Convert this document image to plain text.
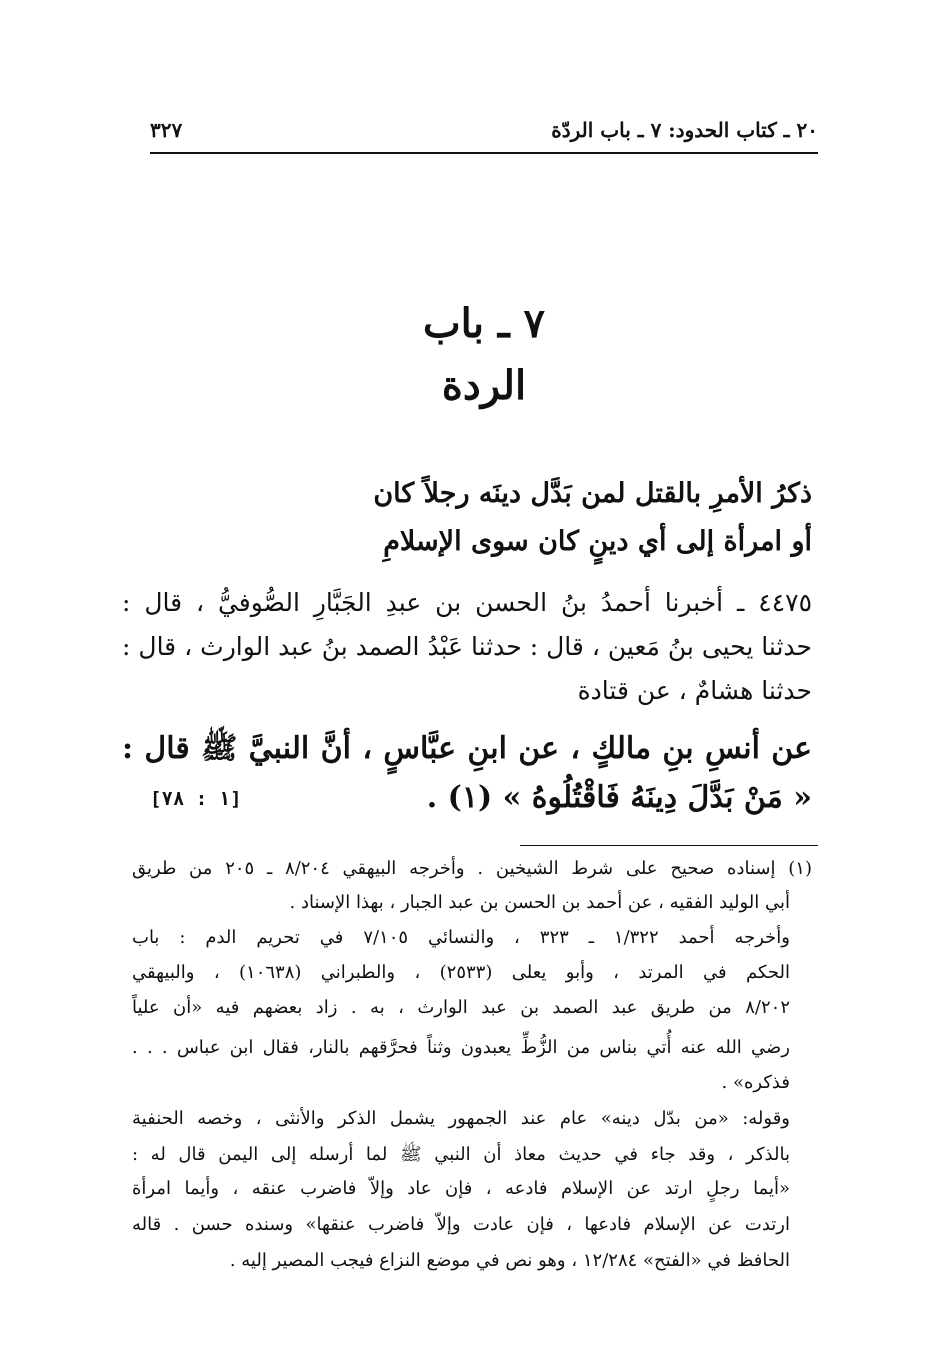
٢٠ ـ كتاب الحدود: ٧ ـ باب الردّة
٣٢٧
٧ ـ باب
الردة
ذكرُ الأمرِ بالقتل لمن بَدَّل دينَه رجلاً كان
أو امرأة إلى أي دينٍ كان سوى الإسلامِ
٤٤٧٥ ـ أخبرنا أحمدُ بنُ الحسن بن عبدِ الجَبَّارِ الصُّوفيُّ ، قال :
حدثنا يحيى بنُ مَعين ، قال : حدثنا عَبْدُ الصمد بنُ عبد الوارث ، قال :
حدثنا هشامٌ ، عن قتادة
عن أنسِ بنِ مالكٍ ، عن ابنِ عبَّاسٍ ، أنَّ النبيَّ ﷺ قال :
« مَنْ بَدَّلَ دِينَهُ فَاقْتُلُوهُ » (١) .
[١ : ٧٨]
(١) إسناده صحيح على شرط الشيخين . وأخرجه البيهقي ٨/٢٠٤ ـ ٢٠٥ من طريق
أبي الوليد الفقيه ، عن أحمد بن الحسن بن عبد الجبار ، بهذا الإسناد .
وأخرجه أحمد ١/٣٢٢ ـ ٣٢٣ ، والنسائي ٧/١٠٥ في تحريم الدم : باب
الحكم في المرتد ، وأبو يعلى (٢٥٣٣) ، والطبراني (١٠٦٣٨) ، والبيهقي
٨/٢٠٢ من طريق عبد الصمد بن عبد الوارث ، به . زاد بعضهم فيه «أن علياً
رضي الله عنه أُتي بناس من الزُّطِّ يعبدون وثناً فحرَّقهم بالنار، فقال ابن عباس . . .
فذكره» .
وقوله: «من بدّل دينه» عام عند الجمهور يشمل الذكر والأنثى ، وخصه الحنفية
بالذكر ، وقد جاء في حديث معاذ أن النبي ﷺ لما أرسله إلى اليمن قال له :
«أيما رجلٍ ارتد عن الإسلام فادعه ، فإن عاد وإلاّ فاضرب عنقه ، وأيما امرأة
ارتدت عن الإسلام فادعها ، فإن عادت وإلاّ فاضرب عنقها» وسنده حسن . قاله
الحافظ في «الفتح» ١٢/٢٨٤ ، وهو نص في موضع النزاع فيجب المصير إليه .
